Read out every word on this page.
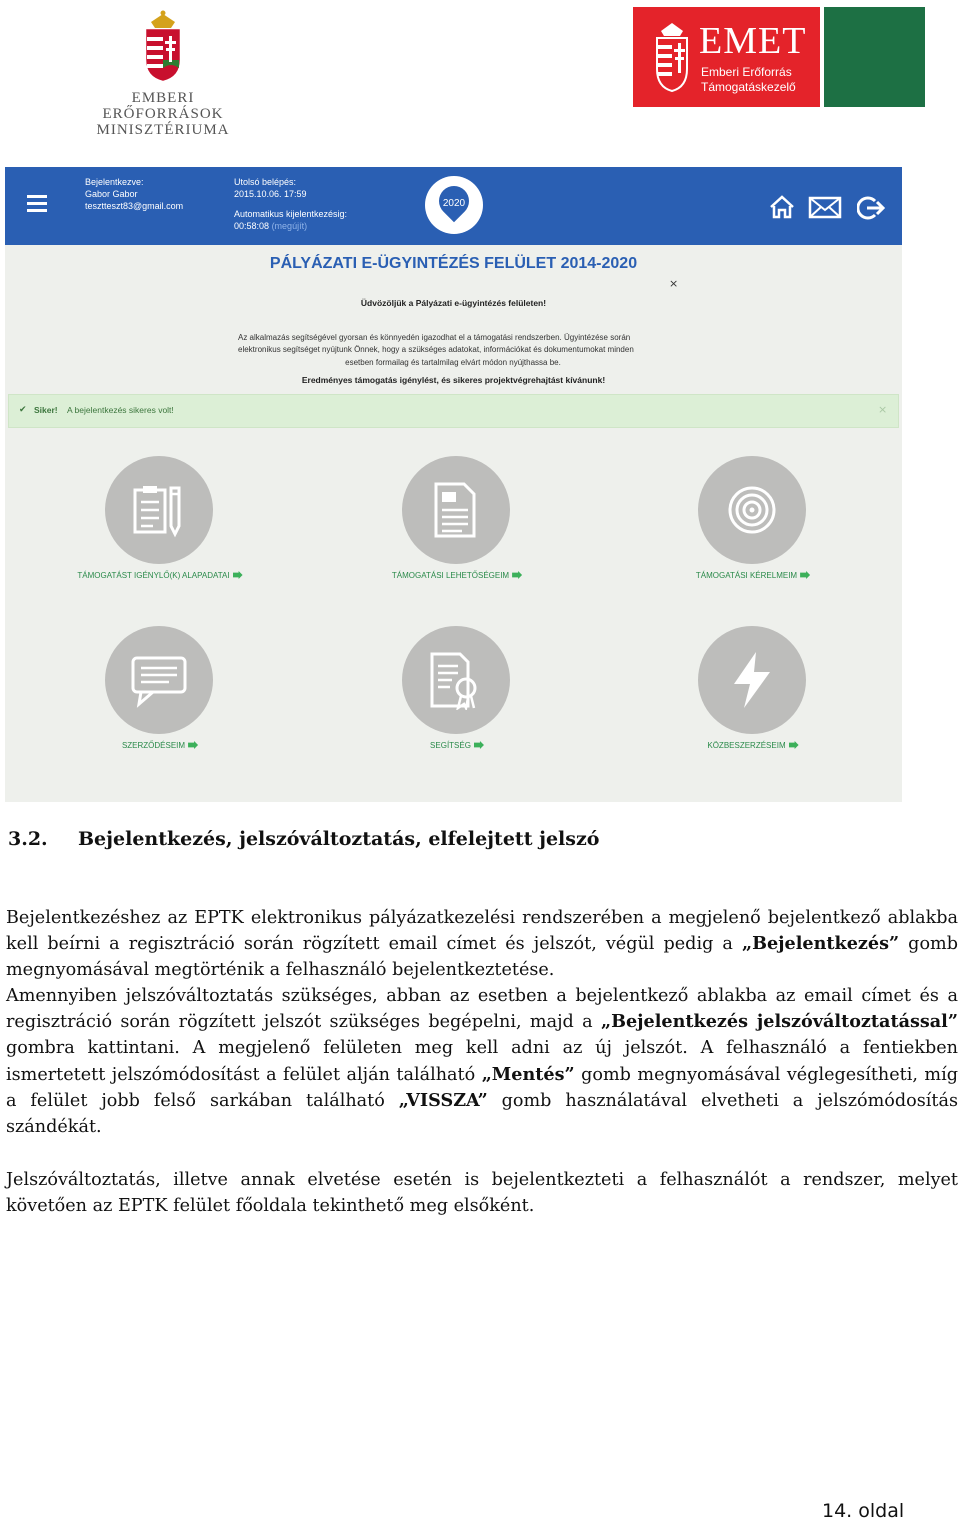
EMBERI ERŐFORRÁSOK
MINISZTÉRIUMA
EMET
Emberi Erőforrás
Támogatáskezelő
Bejelentkezve:
Gabor Gabor
tesztteszt83@gmail.com
Utolsó belépés:
2015.10.06. 17:59
Automatikus kijelentkezésig:
00:58:08 (megújít)
2020
PÁLYÁZATI E-ÜGYINTÉZÉS FELÜLET 2014-2020
×
Üdvözöljük a Pályázati e-ügyintézés felületen!
Az alkalmazás segítségével gyorsan és könnyedén igazodhat el a támogatási rendszerben. Ügyintézése során
elektronikus segítséget nyújtunk Önnek, hogy a szükséges adatokat, információkat és dokumentumokat minden
esetben formailag és tartalmilag elvárt módon nyújthassa be.
Eredményes támogatás igénylést, és sikeres projektvégrehajtást kívánunk!
✔ Siker! A bejelentkezés sikeres volt!	×
TÁMOGATÁST IGÉNYLŐ(K) ALAPADATAI	TÁMOGATÁSI LEHETŐSÉGEIM	TÁMOGATÁSI KÉRELMEIM
SZERZŐDÉSEIM	SEGÍTSÉG	KÖZBESZERZÉSEIM
3.2. Bejelentkezés, jelszóváltoztatás, elfelejtett jelszó
Bejelentkezéshez az EPTK elektronikus pályázatkezelési rendszerében a megjelenő bejelentkező ablakba kell beírni a regisztráció során rögzített email címet és jelszót, végül pedig a „Bejelentkezés” gomb megnyomásával megtörténik a felhasználó bejelentkeztetése.
Amennyiben jelszóváltoztatás szükséges, abban az esetben a bejelentkező ablakba az email címet és a regisztráció során rögzített jelszót szükséges begépelni, majd a „Bejelentkezés jelszóváltoztatással” gombra kattintani. A megjelenő felületen meg kell adni az új jelszót. A felhasználó a fentiekben ismertetett jelszómódosítást a felület alján található „Mentés” gomb megnyomásával véglegesítheti, míg a felület jobb felső sarkában található „VISSZA” gomb használatával elvetheti a jelszómódosítás szándékát.
Jelszóváltoztatás, illetve annak elvetése esetén is bejelentkezteti a felhasználót a rendszer, melyet követően az EPTK felület főoldala tekinthető meg elsőként.
14. oldal
